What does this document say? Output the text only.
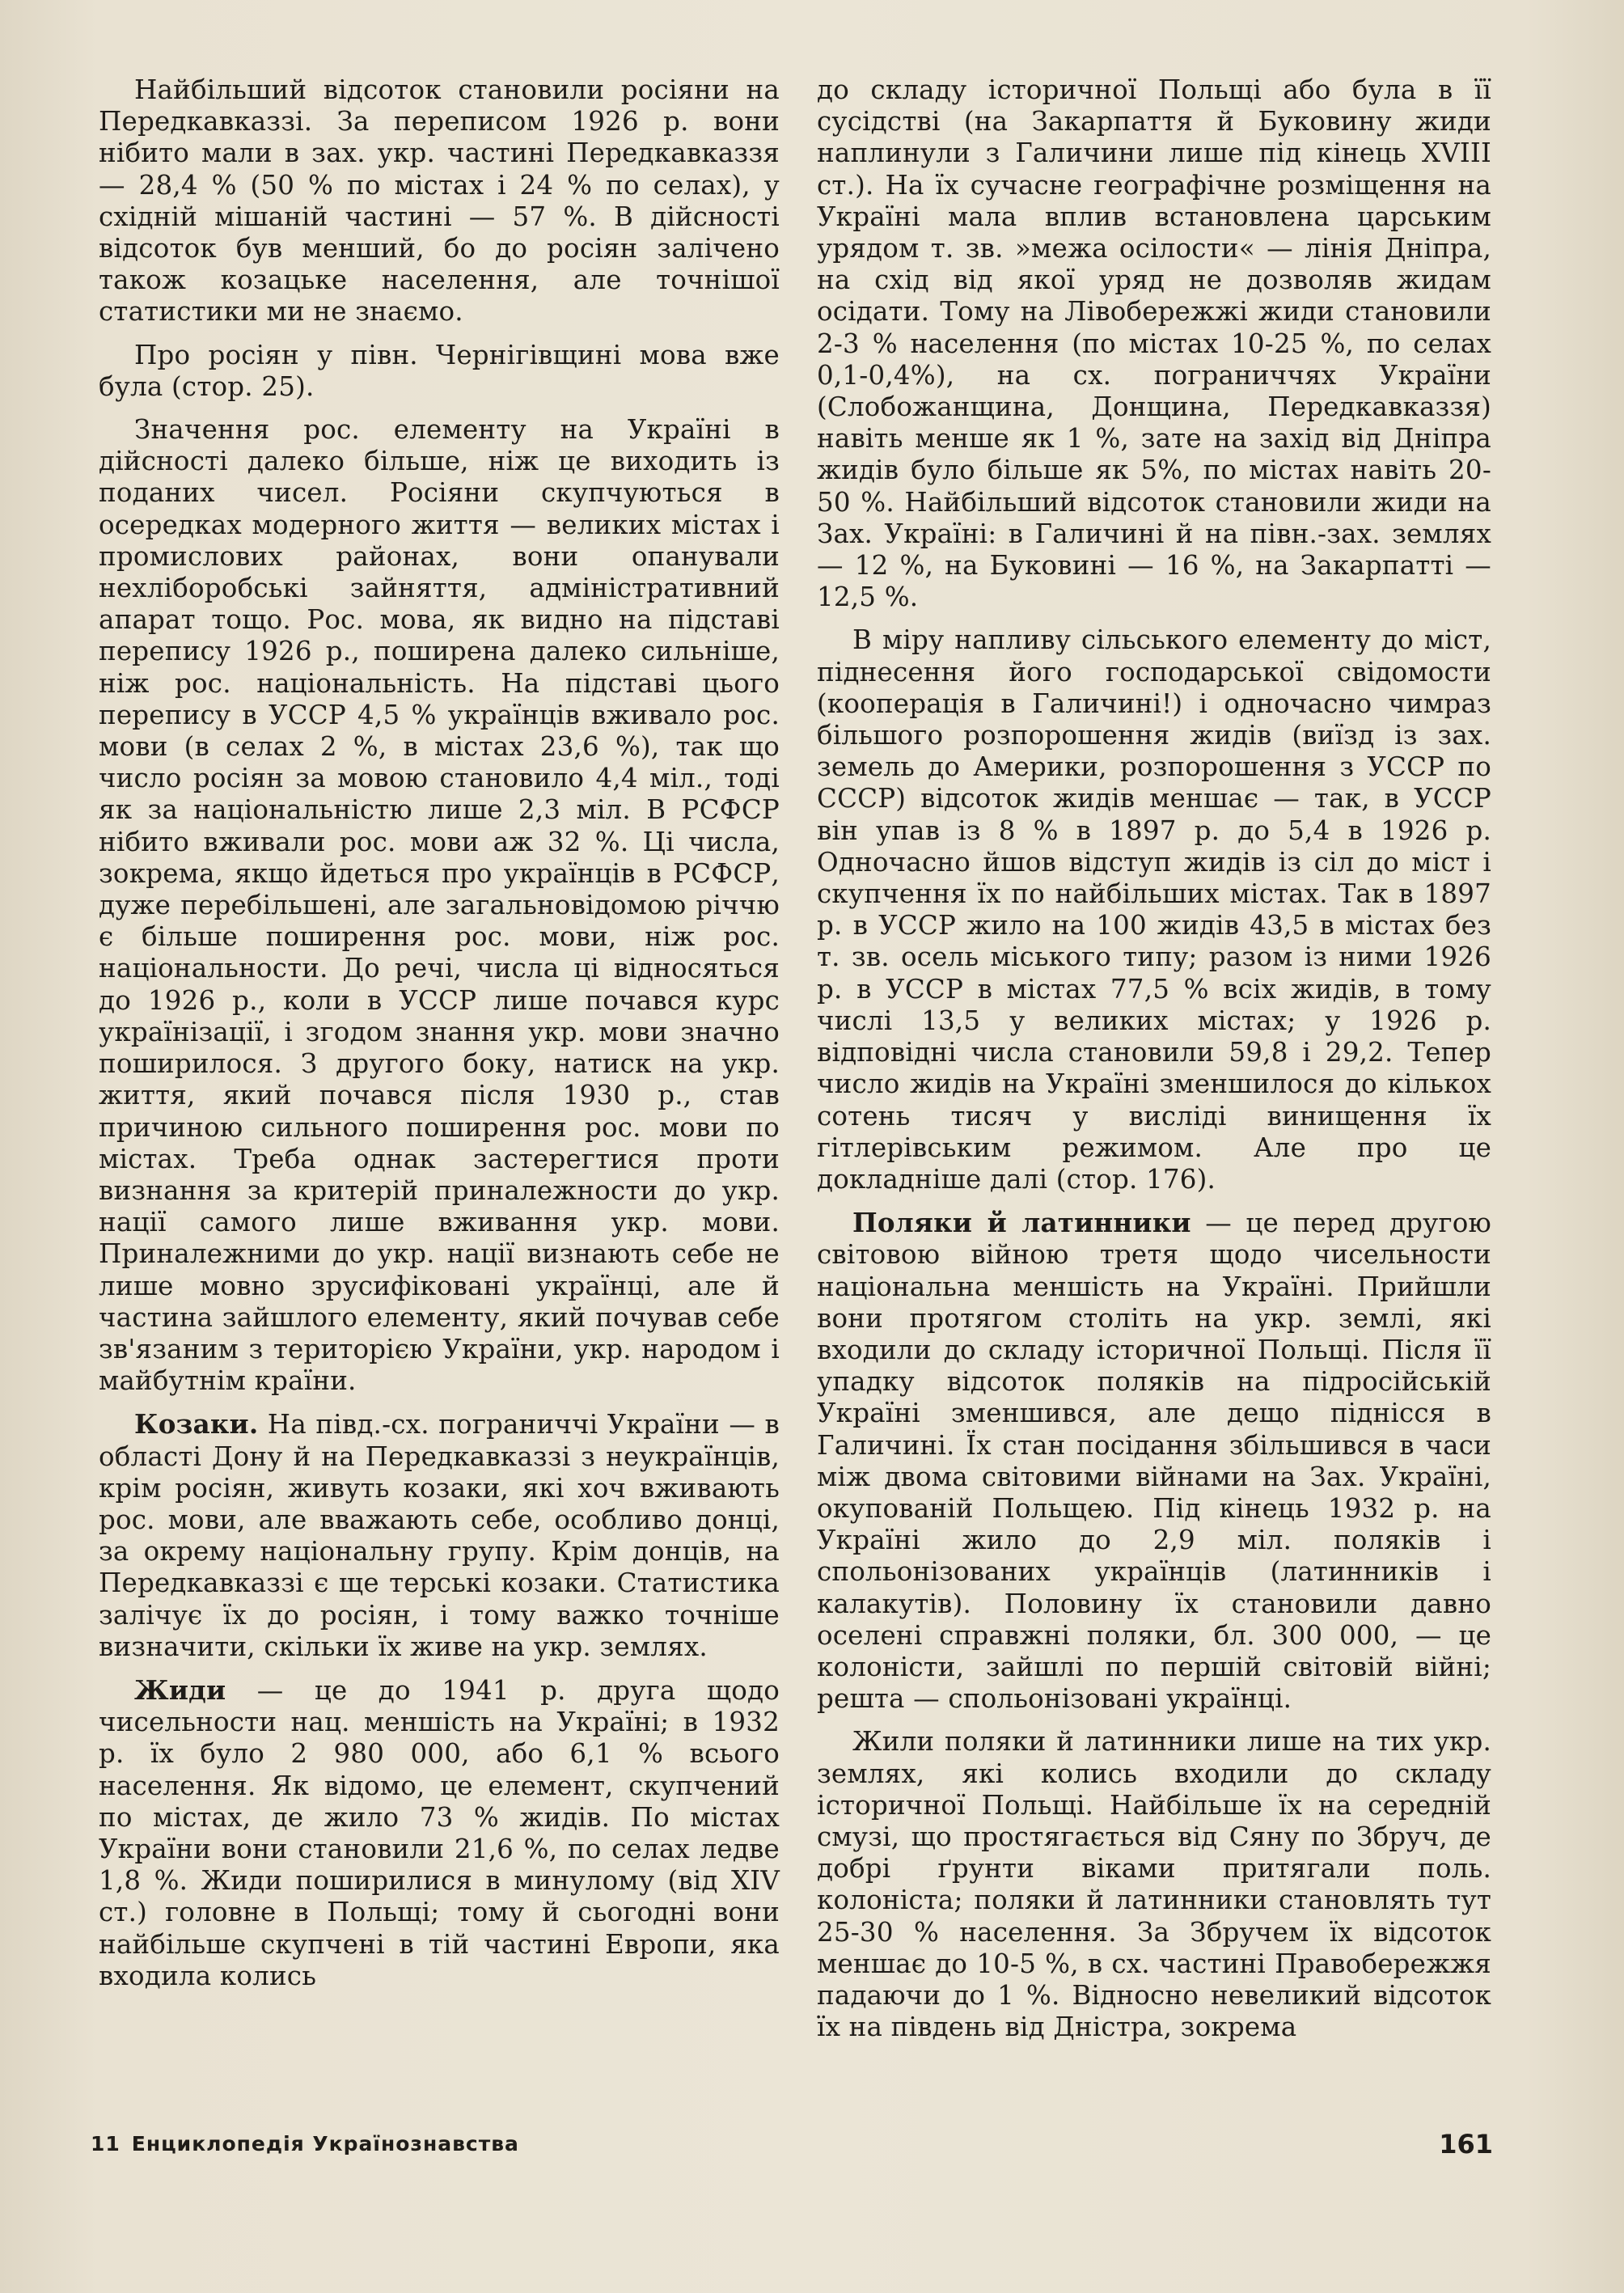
Найбільший відсоток становили росіяни на Передкавказзі. За переписом 1926 р. вони нібито мали в зах. укр. частині Передкавказзя — 28,4 % (50 % по містах і 24 % по селах), у східній мішаній частині — 57 %. В дійсності відсоток був менший, бо до росіян залічено також козацьке населення, але точнішої статистики ми не знаємо.

Про росіян у півн. Чернігівщині мова вже була (стор. 25).

Значення рос. елементу на Україні в дійсності далеко більше, ніж це виходить із поданих чисел. Росіяни скупчуються в осередках модерного життя — великих містах і промислових районах, вони опанували нехліборобські зайняття, адміністративний апарат тощо. Рос. мова, як видно на підставі перепису 1926 р., поширена далеко сильніше, ніж рос. національність. На підставі цього перепису в УССР 4,5 % українців вживало рос. мови (в селах 2 %, в містах 23,6 %), так що число росіян за мовою становило 4,4 міл., тоді як за національністю лише 2,3 міл. В РСФСР нібито вживали рос. мови аж 32 %. Ці числа, зокрема, якщо йдеться про українців в РСФСР, дуже перебільшені, але загальновідомою річчю є більше поширення рос. мови, ніж рос. національности. До речі, числа ці відносяться до 1926 р., коли в УССР лише почався курс українізації, і згодом знання укр. мови значно поширилося. З другого боку, натиск на укр. життя, який почався після 1930 р., став причиною сильного поширення рос. мови по містах. Треба однак застерегтися проти визнання за критерій приналежности до укр. нації самого лише вживання укр. мови. Приналежними до укр. нації визнають себе не лише мовно зрусифіковані українці, але й частина зайшлого елементу, який почував себе зв'язаним з територією України, укр. народом і майбутнім країни.

Козаки. На півд.-сх. пограниччі України — в області Дону й на Передкавказзі з неукраїнців, крім росіян, живуть козаки, які хоч вживають рос. мови, але вважають себе, особливо донці, за окрему національну групу. Крім донців, на Передкавказзі є ще терські козаки. Статистика залічує їх до росіян, і тому важко точніше визначити, скільки їх живе на укр. землях.

Жиди — це до 1941 р. друга щодо чисельности нац. меншість на Україні; в 1932 р. їх було 2 980 000, або 6,1 % всього населення. Як відомо, це елемент, скупчений по містах, де жило 73 % жидів. По містах України вони становили 21,6 %, по селах ледве 1,8 %. Жиди поширилися в минулому (від XIV ст.) головне в Польщі; тому й сьогодні вони найбільше скупчені в тій частині Европи, яка входила колись

до складу історичної Польщі або була в її сусідстві (на Закарпаття й Буковину жиди наплинули з Галичини лише під кінець XVIII ст.). На їх сучасне географічне розміщення на Україні мала вплив встановлена царським урядом т. зв. »межа осілости« — лінія Дніпра, на схід від якої уряд не дозволяв жидам осідати. Тому на Лівобережжі жиди становили 2-3 % населення (по містах 10-25 %, по селах 0,1-0,4%), на сх. пограниччях України (Слобожанщина, Донщина, Передкавказзя) навіть менше як 1 %, зате на захід від Дніпра жидів було більше як 5%, по містах навіть 20-50 %. Найбільший відсоток становили жиди на Зах. Україні: в Галичині й на півн.-зах. землях — 12 %, на Буковині — 16 %, на Закарпатті — 12,5 %.

В міру напливу сільського елементу до міст, піднесення його господарської свідомости (кооперація в Галичині!) і одночасно чимраз більшого розпорошення жидів (виїзд із зах. земель до Америки, розпорошення з УССР по СССР) відсоток жидів меншає — так, в УССР він упав із 8 % в 1897 р. до 5,4 в 1926 р. Одночасно йшов відступ жидів із сіл до міст і скупчення їх по найбільших містах. Так в 1897 р. в УССР жило на 100 жидів 43,5 в містах без т. зв. осель міського типу; разом із ними 1926 р. в УССР в містах 77,5 % всіх жидів, в тому числі 13,5 у великих містах; у 1926 р. відповідні числа становили 59,8 і 29,2. Тепер число жидів на Україні зменшилося до кількох сотень тисяч у висліді винищення їх гітлерівським режимом. Але про це докладніше далі (стор. 176).

Поляки й латинники — це перед другою світовою війною третя щодо чисельности національна меншість на Україні. Прийшли вони протягом століть на укр. землі, які входили до складу історичної Польщі. Після її упадку відсоток поляків на підросійській Україні зменшився, але дещо піднісся в Галичині. Їх стан посідання збільшився в часи між двома світовими війнами на Зах. Україні, окупованій Польщею. Під кінець 1932 р. на Україні жило до 2,9 міл. поляків і спольонізованих українців (латинників і калакутів). Половину їх становили давно оселені справжні поляки, бл. 300 000, — це колоністи, зайшлі по першій світовій війні; решта — спольонізовані українці.

Жили поляки й латинники лише на тих укр. землях, які колись входили до складу історичної Польщі. Найбільше їх на середній смузі, що простягається від Сяну по Збруч, де добрі ґрунти віками притягали поль. колоніста; поляки й латинники становлять тут 25-30 % населення. За Збручем їх відсоток меншає до 10-5 %, в сх. частині Правобережжя падаючи до 1 %. Відносно невеликий відсоток їх на південь від Дністра, зокрема

11 Енциклопедія Українознавства	161
